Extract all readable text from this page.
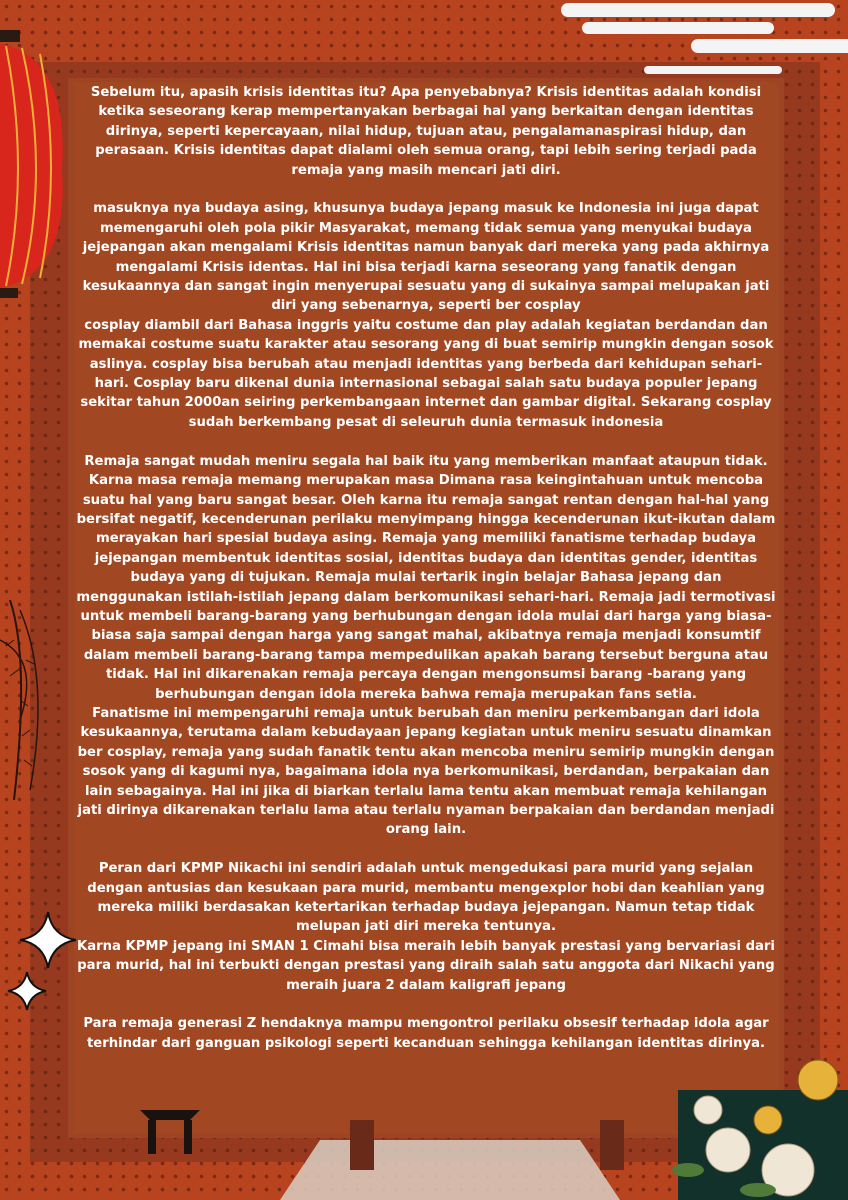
Sebelum itu, apasih krisis identitas itu? Apa penyebabnya? Krisis identitas adalah kondisi ketika seseorang kerap mempertanyakan berbagai hal yang berkaitan dengan identitas dirinya, seperti kepercayaan, nilai hidup, tujuan atau, pengalamanaspirasi hidup, dan perasaan. Krisis identitas dapat dialami oleh semua orang, tapi lebih sering terjadi pada remaja yang masih mencari jati diri.

masuknya nya budaya asing, khusunya budaya jepang masuk ke Indonesia ini juga dapat memengaruhi oleh pola pikir Masyarakat, memang tidak semua yang menyukai budaya jejepangan akan mengalami Krisis identitas namun banyak dari mereka yang pada akhirnya mengalami Krisis identas. Hal ini bisa terjadi karna seseorang yang fanatik dengan kesukaannya dan sangat ingin menyerupai sesuatu yang di sukainya sampai melupakan jati diri yang sebenarnya, seperti ber cosplay

cosplay diambil dari Bahasa inggris yaitu costume dan play adalah kegiatan berdandan dan memakai costume suatu karakter atau sesorang yang di buat semirip mungkin dengan sosok aslinya. cosplay bisa berubah atau menjadi identitas yang berbeda dari kehidupan sehari-hari. Cosplay baru dikenal dunia internasional sebagai salah satu budaya populer jepang sekitar tahun 2000an seiring perkembangaan internet dan gambar digital. Sekarang cosplay sudah berkembang pesat di seleuruh dunia termasuk indonesia

Remaja sangat mudah meniru segala hal baik itu yang memberikan manfaat ataupun tidak. Karna masa remaja memang merupakan masa Dimana rasa keingintahuan untuk mencoba suatu hal yang baru sangat besar. Oleh karna itu remaja sangat rentan dengan hal-hal yang bersifat negatif, kecenderunan perilaku menyimpang hingga kecenderunan ikut-ikutan dalam merayakan hari spesial budaya asing. Remaja yang memiliki fanatisme terhadap budaya jejepangan membentuk identitas sosial, identitas budaya dan identitas gender, identitas budaya yang di tujukan. Remaja mulai tertarik ingin belajar Bahasa jepang dan menggunakan istilah-istilah jepang dalam berkomunikasi sehari-hari. Remaja jadi termotivasi untuk membeli barang-barang yang berhubungan dengan idola mulai dari harga yang biasa-biasa saja sampai dengan harga yang sangat mahal, akibatnya remaja menjadi konsumtif dalam membeli barang-barang tampa mempedulikan apakah barang tersebut berguna atau tidak. Hal ini dikarenakan remaja percaya dengan mengonsumsi barang -barang yang berhubungan dengan idola mereka bahwa remaja merupakan fans setia.

Fanatisme ini mempengaruhi remaja untuk berubah dan meniru perkembangan dari idola kesukaannya, terutama dalam kebudayaan jepang kegiatan untuk meniru sesuatu dinamkan ber cosplay, remaja yang sudah fanatik tentu akan mencoba meniru semirip mungkin dengan sosok yang di kagumi nya, bagaimana idola nya berkomunikasi, berdandan, berpakaian dan lain sebagainya. Hal ini jika di biarkan terlalu lama tentu akan membuat remaja kehilangan jati dirinya dikarenakan terlalu lama atau terlalu nyaman berpakaian dan berdandan menjadi orang lain.

Peran dari KPMP Nikachi ini sendiri adalah untuk mengedukasi para murid yang sejalan dengan antusias dan kesukaan para murid, membantu mengexplor hobi dan keahlian yang mereka miliki berdasakan ketertarikan terhadap budaya jejepangan. Namun tetap tidak melupan jati diri mereka tentunya.

Karna KPMP jepang ini SMAN 1 Cimahi bisa meraih lebih banyak prestasi yang bervariasi dari para murid, hal ini terbukti dengan prestasi yang diraih salah satu anggota dari Nikachi yang meraih juara 2 dalam kaligrafi jepang

Para remaja generasi Z hendaknya mampu mengontrol perilaku obsesif terhadap idola agar terhindar dari ganguan psikologi seperti kecanduan sehingga kehilangan identitas dirinya.
